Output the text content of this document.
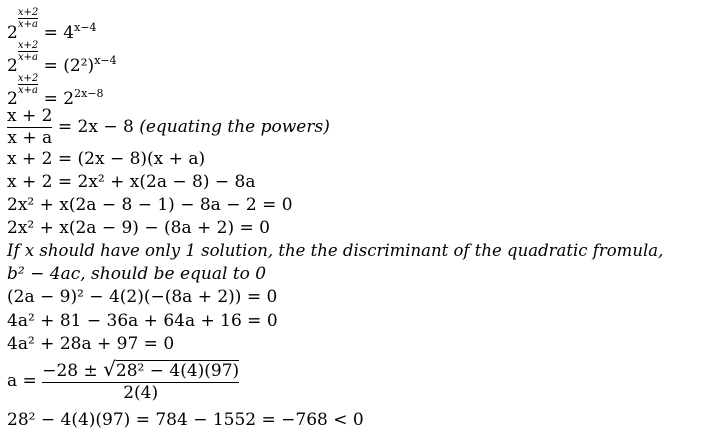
2
$\frac{x+2}{x+a}$
= $4^{x-4}$
2
$\frac{x+2}{x+a}$
= $(2^2)^{x-4}$
2
$\frac{x+2}{x+a}$
= $2^{2x-8}$
$\frac{x + 2}{x + a} = 2x - 8$ (equating the powers)
x + 2 = (2x − 8)(x + a)
x + 2 = 2x² + x(2a − 8) − 8a
2x² + x(2a − 8 − 1) − 8a − 2 = 0
2x² + x(2a − 9) − (8a + 2) = 0
If x should have only 1 solution, the the discriminant of the quadratic fromula,
b² − 4ac, should be equal to 0
(2a − 9)² − 4(2)(−(8a + 2)) = 0
4a² + 81 − 36a + 64a + 16 = 0
4a² + 28a + 97 = 0
$a = \frac{\text{−28 ± √28² − 4(4)(97)}}{2(4)}$
28² − 4(4)(97) = 784 − 1552 = −768 < 0
